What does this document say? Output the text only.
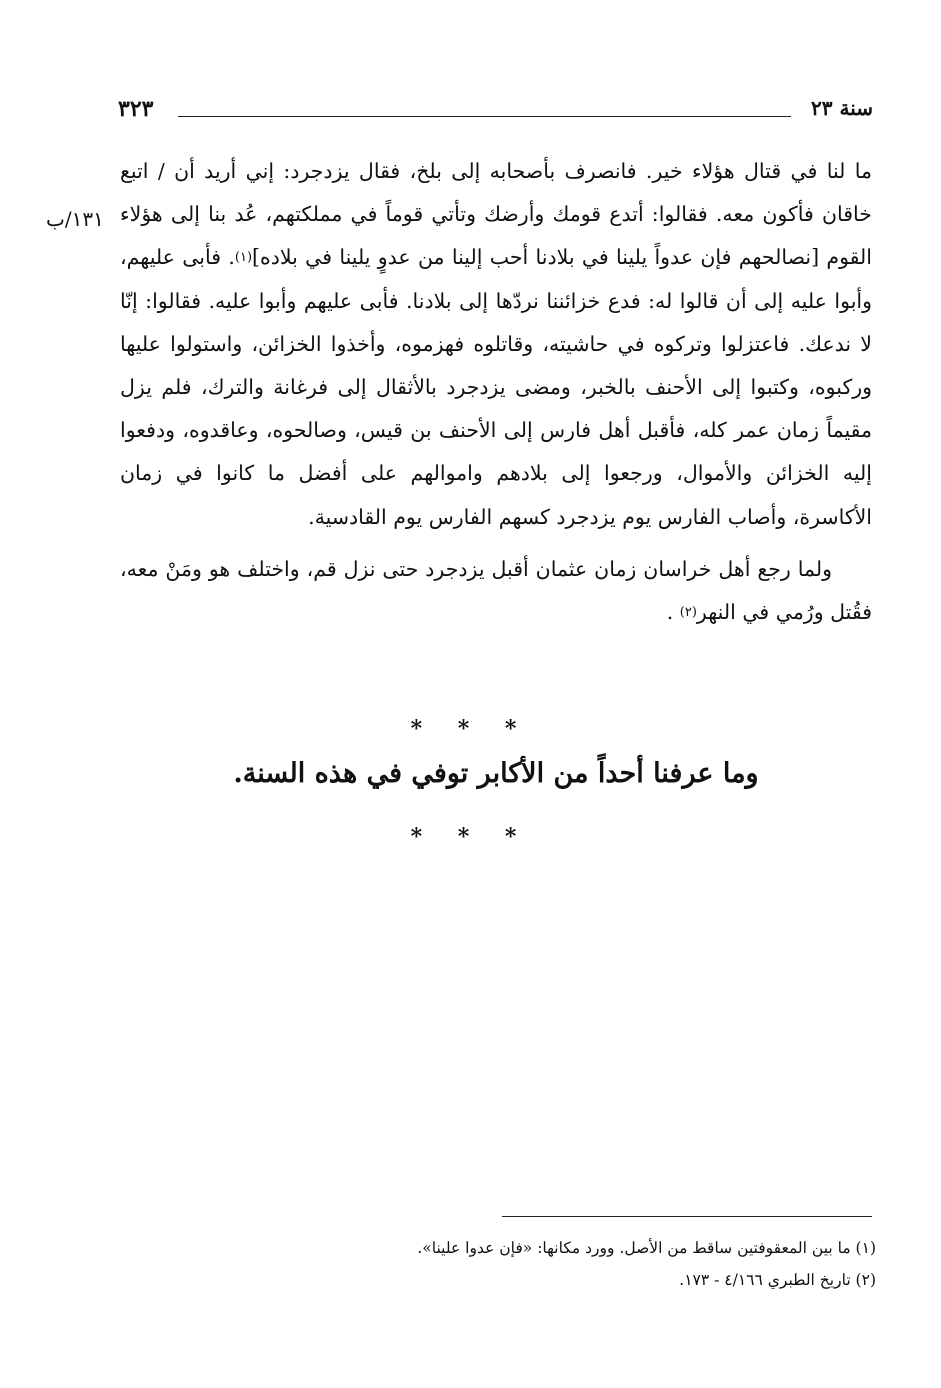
سنة ٢٣
٣٢٣
١٣١/ب

ما لنا في قتال هؤلاء خير. فانصرف بأصحابه إلى بلخ، فقال يزدجرد: إني أريد أن / اتبع خاقان فأكون معه. فقالوا: أتدع قومك وأرضك وتأتي قوماً في مملكتهم، عُد بنا إلى هؤلاء القوم [نصالحهم فإن عدواً يلينا في بلادنا أحب إلينا من عدوٍ يلينا في بلاده]$^{(١)}$. فأبى عليهم، وأبوا عليه إلى أن قالوا له: فدع خزائننا نردّها إلى بلادنا. فأبى عليهم وأبوا عليه. فقالوا: إنّا لا ندعك. فاعتزلوا وتركوه في حاشيته، وقاتلوه فهزموه، وأخذوا الخزائن، واستولوا عليها وركبوه، وكتبوا إلى الأحنف بالخبر، ومضى يزدجرد بالأثقال إلى فرغانة والترك، فلم يزل مقيماً زمان عمر كله، فأقبل أهل فارس إلى الأحنف بن قيس، وصالحوه، وعاقدوه، ودفعوا إليه الخزائن والأموال، ورجعوا إلى بلادهم واموالهم على أفضل ما كانوا في زمان الأكاسرة، وأصاب الفارس يوم يزدجرد كسهم الفارس يوم القادسية.

ولما رجع أهل خراسان زمان عثمان أقبل يزدجرد حتى نزل قم، واختلف هو ومَنْ معه، فقُتل ورُمي في النهر$^{(٢)}$ .

* * *
وما عرفنا أحداً من الأكابر توفي في هذه السنة.
* * *

(١) ما بين المعقوفتين ساقط من الأصل. وورد مكانها: «فإن عدوا علينا».

(٢) تاريخ الطبري ٤/١٦٦ - ١٧٣.
